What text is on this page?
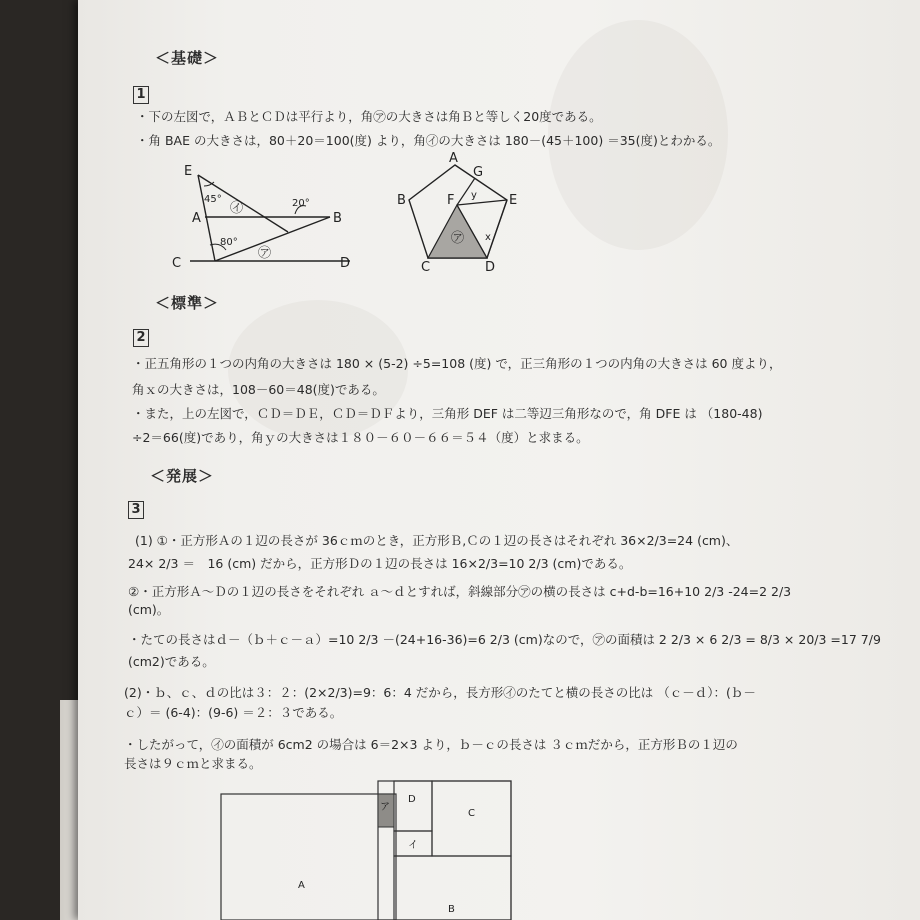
＜基礎＞
1
・下の左図で，ＡＢとＣＤは平行より，角㋐の大きさは角Ｂと等しく20度である。
・角 BAE の大きさは，80＋20＝100(度) より，角㋑の大きさは 180－(45＋100) ＝35(度)とわかる。
E
A	B
C	D
45°	20°
80°
㋑
㋐
A
G
B	F	E
C	D
y
x
㋐
＜標準＞
2
・正五角形の１つの内角の大きさは 180 × (5-2) ÷5=108 (度) で，正三角形の１つの内角の大きさは 60 度より，
角ｘの大きさは，108－60＝48(度)である。
・また，上の左図で，ＣＤ＝ＤＥ，ＣＤ＝ＤＦより，三角形 DEF は二等辺三角形なので，角 DFE は （180-48)
÷2＝66(度)であり，角ｙの大きさは１８０－６０－６６＝５４（度）と求まる。
＜発展＞
3
(1) ①・正方形Ａの１辺の長さが 36ｃｍのとき，正方形Ｂ,Ｃの１辺の長さはそれぞれ 36×2/3=24 (cm)、
24× 2/3 ＝　16 (cm) だから，正方形Ｄの１辺の長さは 16×2/3=10 2/3 (cm)である。
②・正方形Ａ～Ｄの１辺の長さをそれぞれ ａ～ｄとすれば，斜線部分㋐の横の長さは c+d-b=16+10 2/3 -24=2 2/3
(cm)。
・たての長さはｄ－（ｂ＋ｃ－ａ）=10 2/3 －(24+16-36)=6 2/3 (cm)なので，㋐の面積は 2 2/3 × 6 2/3 = 8/3 × 20/3 =17 7/9
(cm2)である。
(2)・ｂ、ｃ、ｄの比は３：２：(2×2/3)=9：6：4 だから，長方形㋑のたてと横の長さの比は （ｃ－ｄ）：(ｂ－
ｃ）＝ (6-4)：(9-6) ＝２：３である。
・したがって，㋑の面積が 6cm2 の場合は 6＝2×3 より，ｂ－ｃの長さは ３ｃｍだから，正方形Ｂの１辺の
長さは９ｃｍと求まる。
A
B
C
D
ア
イ
